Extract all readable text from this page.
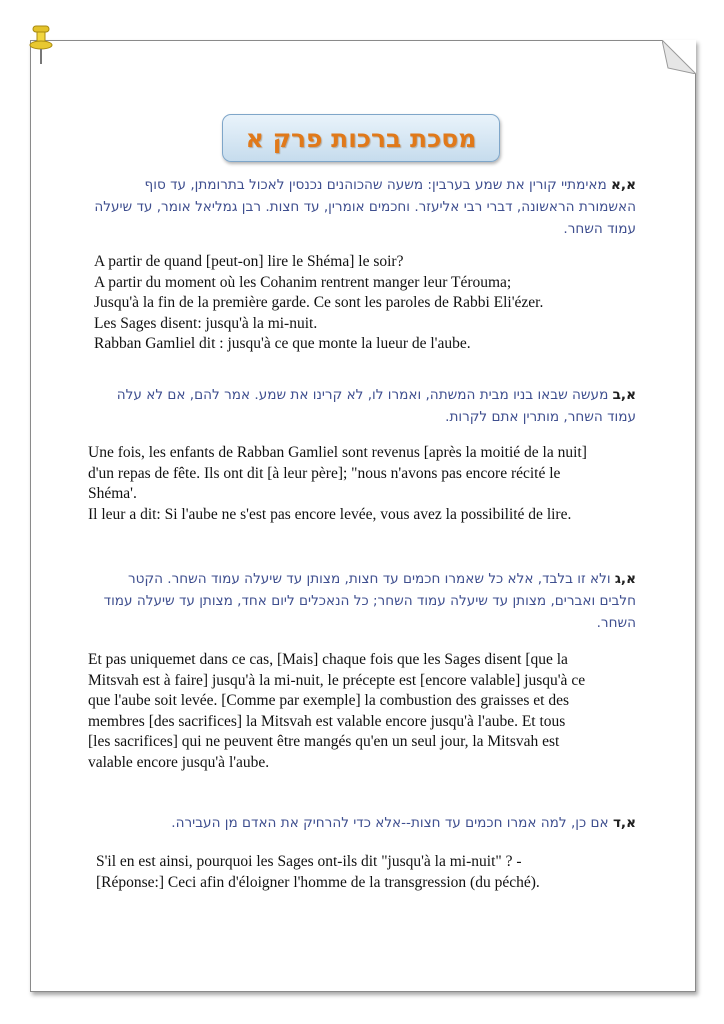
מסכת ברכות פרק א
א,א מאימתיי קורין את שמע בערבין: משעה שהכוהנים נכנסין לאכול בתרומתן, עד סוף האשמורת הראשונה, דברי רבי אליעזר. וחכמים אומרין, עד חצות. רבן גמליאל אומר, עד שיעלה עמוד השחר.
A partir de quand [peut-on] lire le Shéma] le soir?
A partir du moment où les Cohanim rentrent manger leur Térouma;
Jusqu'à la fin de la première garde. Ce sont les paroles de Rabbi Eli'ézer.
Les Sages disent: jusqu'à la mi-nuit.
Rabban Gamliel dit : jusqu'à ce que monte la lueur de l'aube.
א,ב מעשה שבאו בניו מבית המשתה, ואמרו לו, לא קרינו את שמע. אמר להם, אם לא עלה עמוד השחר, מותרין אתם לקרות.
Une fois, les enfants de Rabban Gamliel sont revenus [après la moitié de la nuit]
d'un repas de fête. Ils ont dit [à leur père]; "nous n'avons pas encore récité le
Shéma'.
Il leur a dit: Si l'aube ne s'est pas encore levée, vous avez la possibilité de lire.
א,ג ולא זו בלבד, אלא כל שאמרו חכמים עד חצות, מצותן עד שיעלה עמוד השחר. הקטר חלבים ואברים, מצותן עד שיעלה עמוד השחר; כל הנאכלים ליום אחד, מצותן עד שיעלה עמוד השחר.
Et pas uniquemet dans ce cas, [Mais] chaque fois que les Sages disent [que la
Mitsvah est à faire] jusqu'à la mi-nuit, le précepte est [encore valable] jusqu'à ce
que l'aube soit levée. [Comme par exemple] la combustion des graisses et des
membres [des sacrifices] la Mitsvah est valable encore jusqu'à l'aube. Et tous
[les sacrifices] qui ne peuvent être mangés qu'en un seul jour, la Mitsvah est
valable encore jusqu'à l'aube.
א,ד אם כן, למה אמרו חכמים עד חצות--אלא כדי להרחיק את האדם מן העבירה.
S'il en est ainsi, pourquoi les Sages ont-ils dit "jusqu'à la mi-nuit" ? -
[Réponse:] Ceci afin d'éloigner l'homme de la transgression (du péché).
